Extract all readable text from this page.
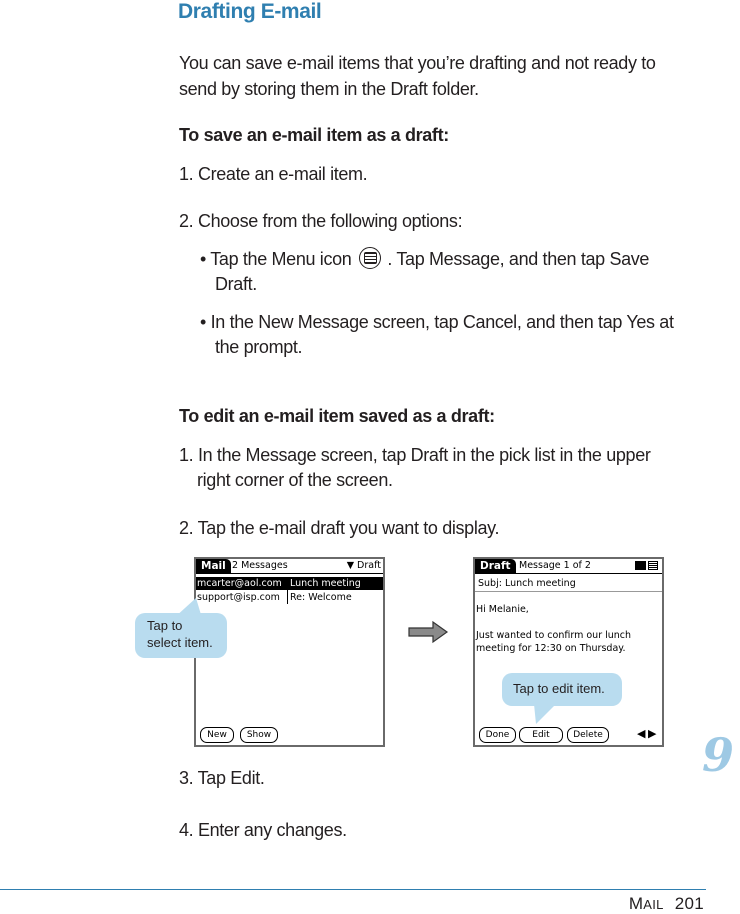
Drafting E-mail
You can save e-mail items that you’re drafting and not ready to
send by storing them in the Draft folder.
To save an e-mail item as a draft:
1. Create an e-mail item.
2. Choose from the following options:
• Tap the Menu icon . Tap Message, and then tap Save
Draft.
• In the New Message screen, tap Cancel, and then tap Yes at
the prompt.
To edit an e-mail item saved as a draft:
1. In the Message screen, tap Draft in the pick list in the upper
right corner of the screen.
2. Tap the e-mail draft you want to display.
Mail 2 Messages	▼ Draft
mcarter@aol.com Lunch meeting
support@isp.com Re: Welcome
New	Show
Tap to
select item.
Draft Message 1 of 2
Subj: Lunch meeting
Hi Melanie,
Just wanted to confirm our lunch
meeting for 12:30 on Thursday.
Done	Edit	Delete	◀ ▶
Tap to edit item.
3. Tap Edit.
4. Enter any changes.
9
MAIL 201
